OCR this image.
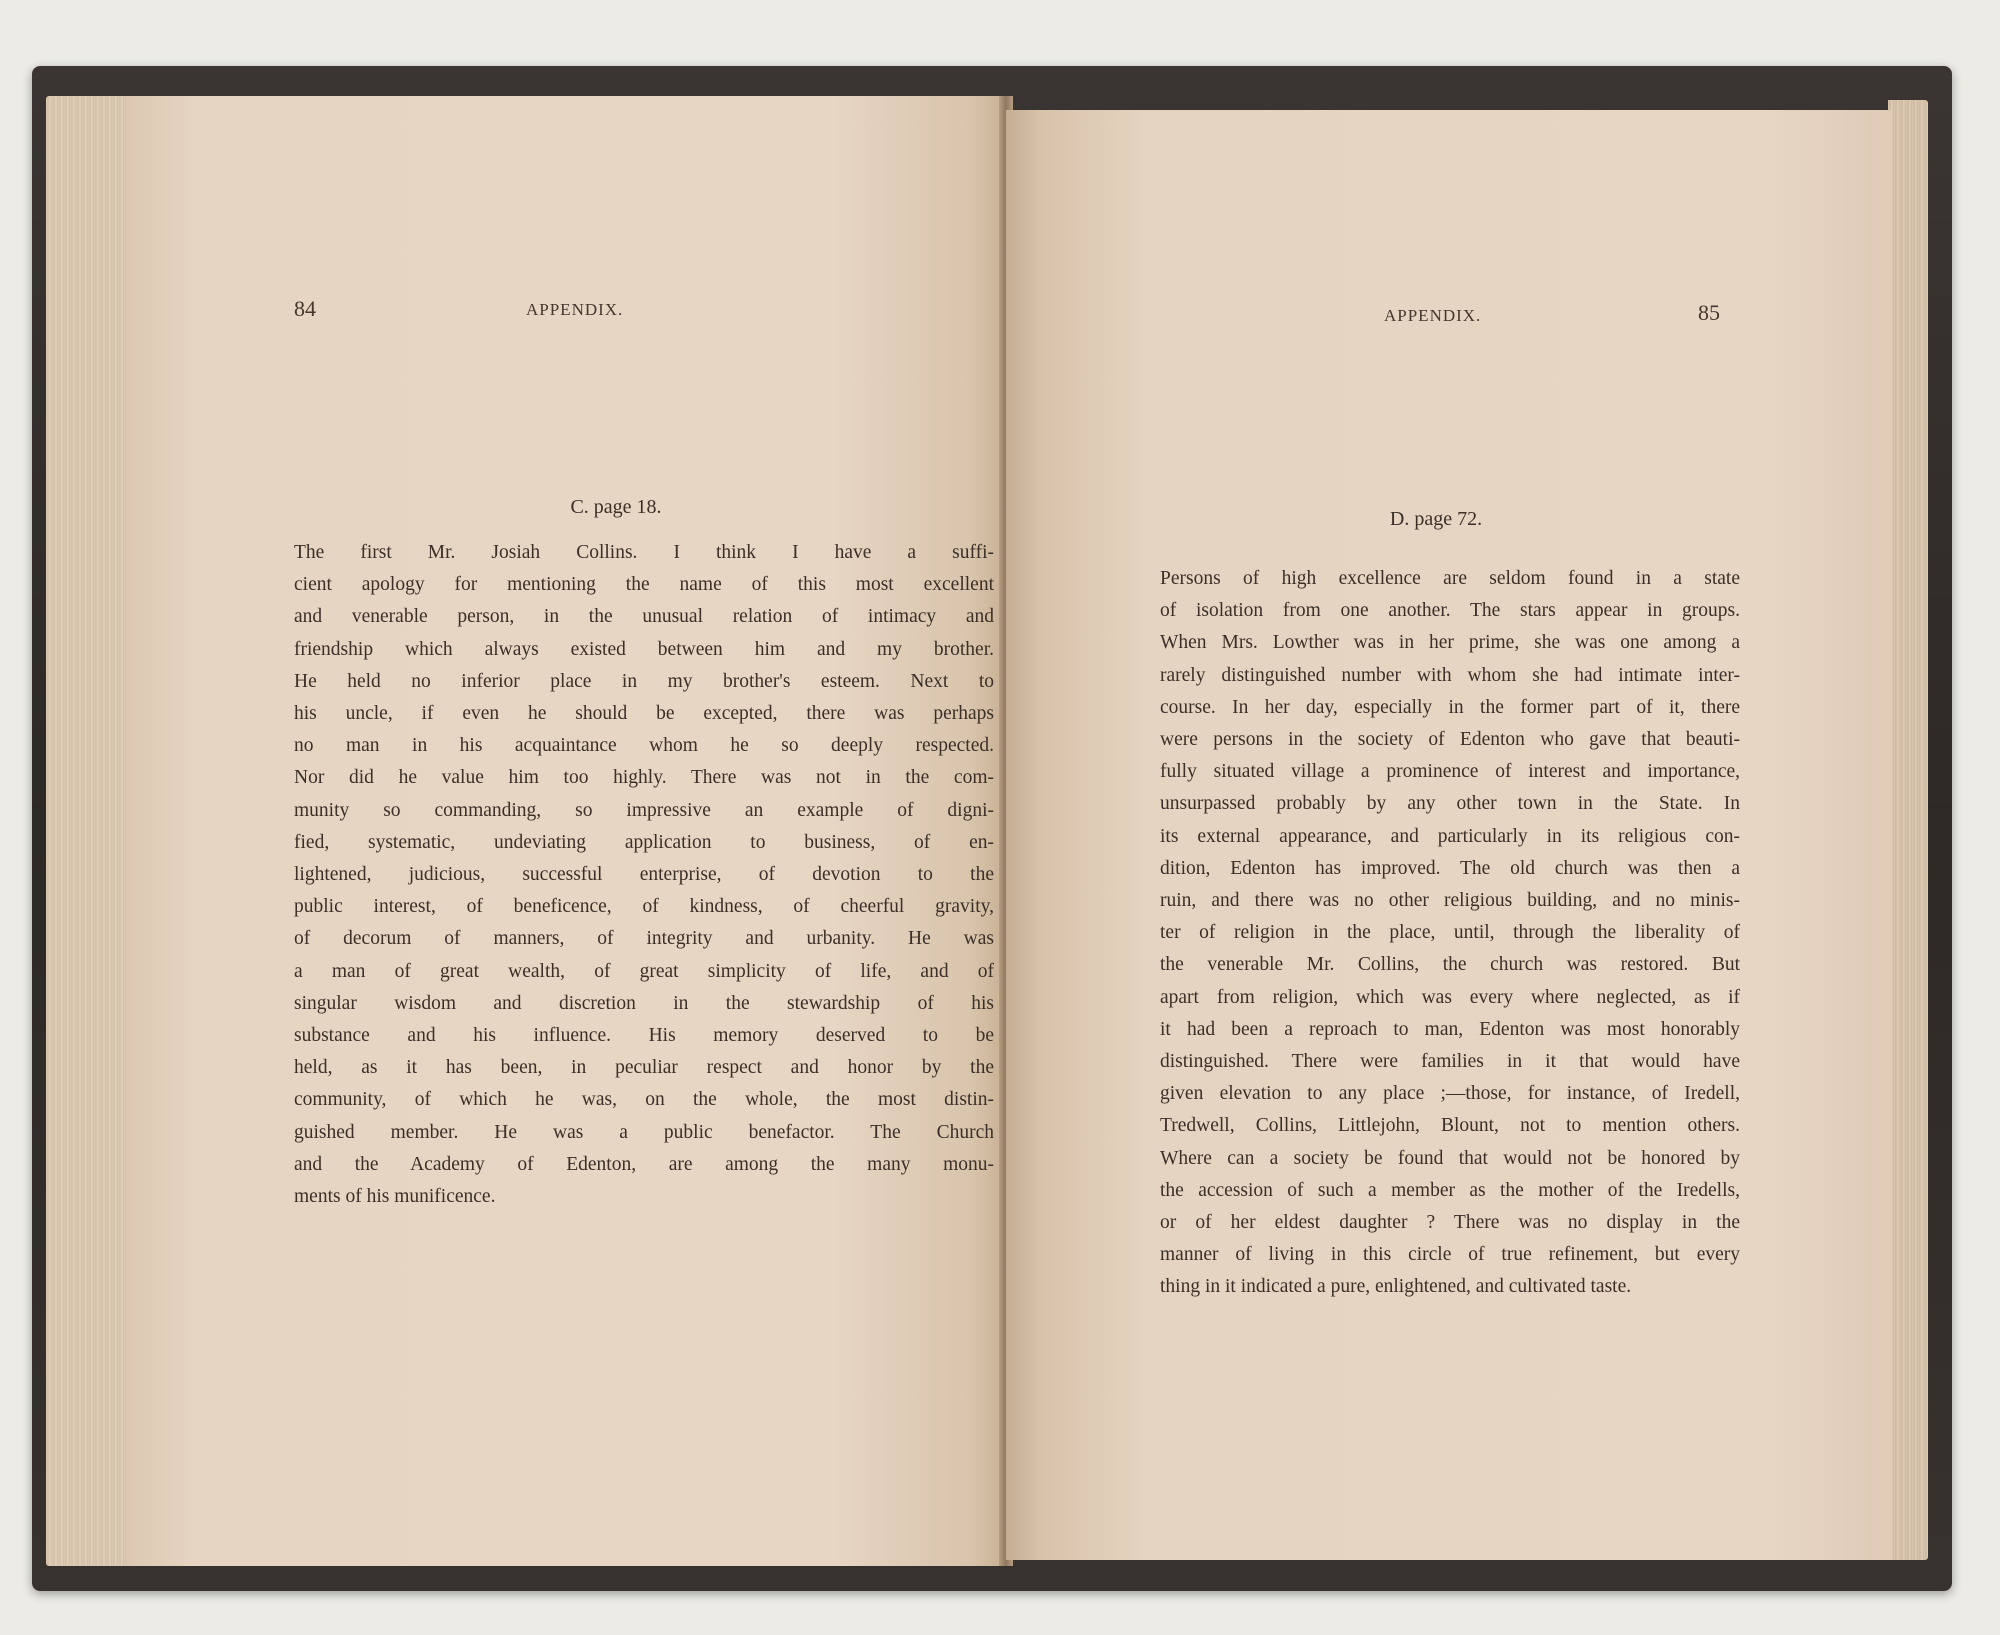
84	APPENDIX.
C. page 18.

The first Mr. Josiah Collins. I think I have a suffi-

cient apology for mentioning the name of this most excellent

and venerable person, in the unusual relation of intimacy and

friendship which always existed between him and my brother.

He held no inferior place in my brother's esteem. Next to

his uncle, if even he should be excepted, there was perhaps

no man in his acquaintance whom he so deeply respected.

Nor did he value him too highly. There was not in the com-

munity so commanding, so impressive an example of digni-

fied, systematic, undeviating application to business, of en-

lightened, judicious, successful enterprise, of devotion to the

public interest, of beneficence, of kindness, of cheerful gravity,

of decorum of manners, of integrity and urbanity. He was

a man of great wealth, of great simplicity of life, and of

singular wisdom and discretion in the stewardship of his

substance and his influence. His memory deserved to be

held, as it has been, in peculiar respect and honor by the

community, of which he was, on the whole, the most distin-

guished member. He was a public benefactor. The Church

and the Academy of Edenton, are among the many monu-

ments of his munificence.

APPENDIX.	85
D. page 72.

Persons of high excellence are seldom found in a state

of isolation from one another. The stars appear in groups.

When Mrs. Lowther was in her prime, she was one among a

rarely distinguished number with whom she had intimate inter-

course. In her day, especially in the former part of it, there

were persons in the society of Edenton who gave that beauti-

fully situated village a prominence of interest and importance,

unsurpassed probably by any other town in the State. In

its external appearance, and particularly in its religious con-

dition, Edenton has improved. The old church was then a

ruin, and there was no other religious building, and no minis-

ter of religion in the place, until, through the liberality of

the venerable Mr. Collins, the church was restored. But

apart from religion, which was every where neglected, as if

it had been a reproach to man, Edenton was most honorably

distinguished. There were families in it that would have

given elevation to any place ;—those, for instance, of Iredell,

Tredwell, Collins, Littlejohn, Blount, not to mention others.

Where can a society be found that would not be honored by

the accession of such a member as the mother of the Iredells,

or of her eldest daughter ? There was no display in the

manner of living in this circle of true refinement, but every

thing in it indicated a pure, enlightened, and cultivated taste.
